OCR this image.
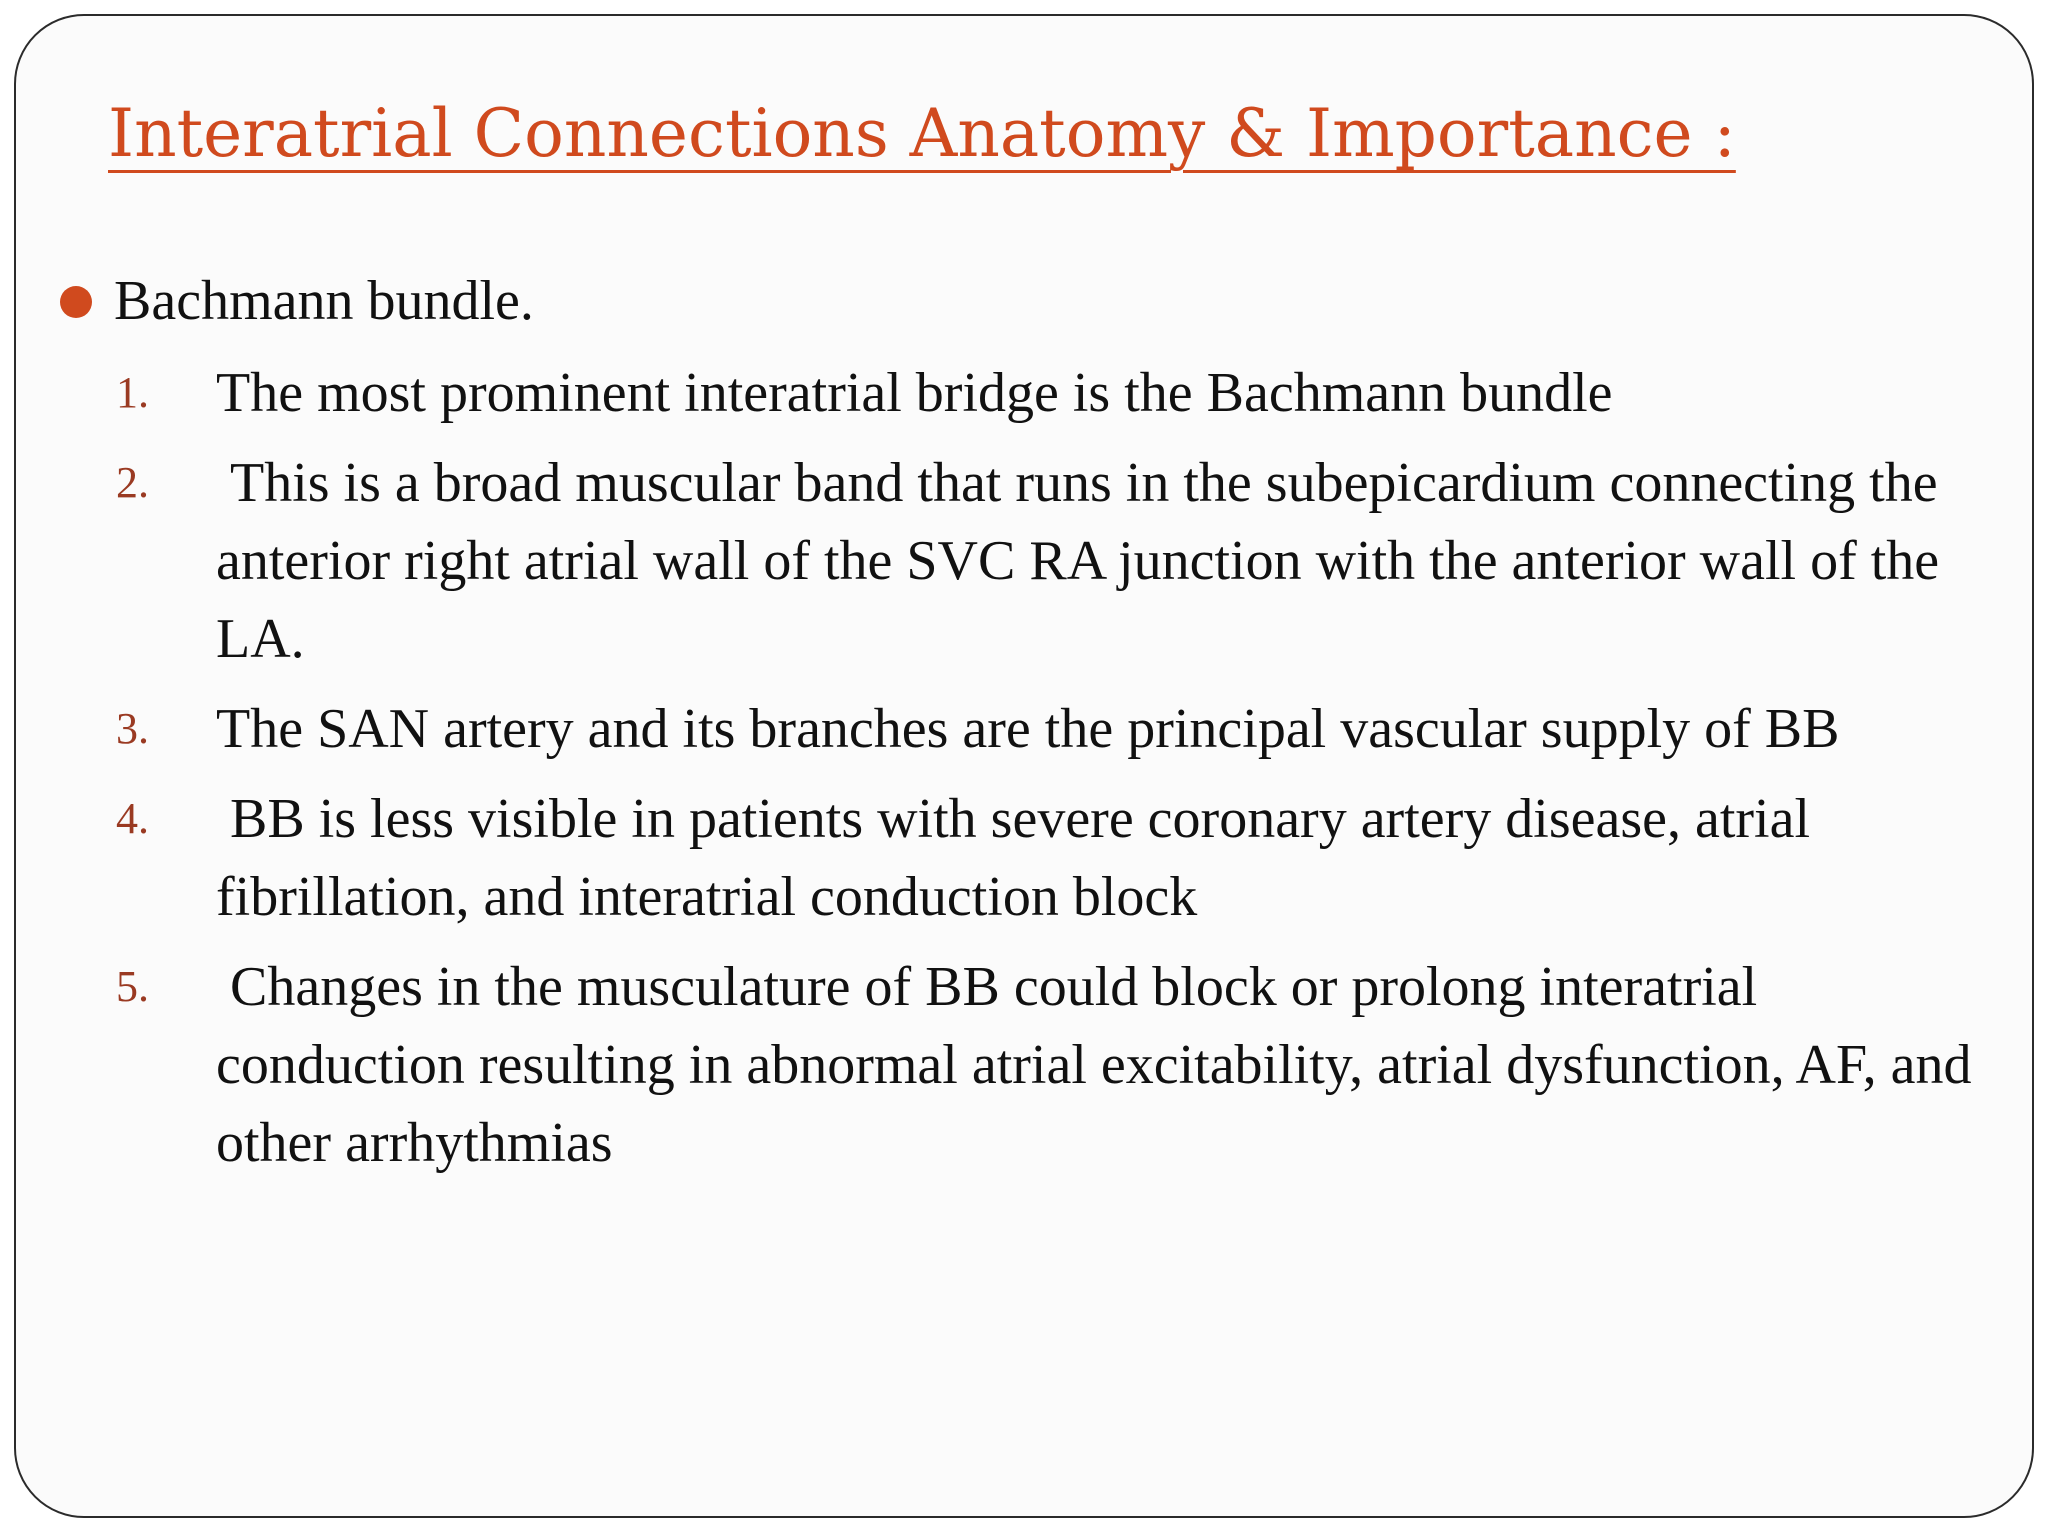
Interatrial Connections Anatomy & Importance :
Bachmann bundle.
1.	The most prominent interatrial bridge is the Bachmann bundle
2.	This is a broad muscular band that runs in the subepicardium connecting the anterior right atrial wall of the SVC RA junction with the anterior wall of the LA.
3.	The SAN artery and its branches are the principal vascular supply of BB
4.	BB is less visible in patients with severe coronary artery disease, atrial fibrillation, and interatrial conduction block
5.	Changes in the musculature of BB could block or prolong interatrial conduction resulting in abnormal atrial excitability, atrial dysfunction, AF, and other arrhythmias
